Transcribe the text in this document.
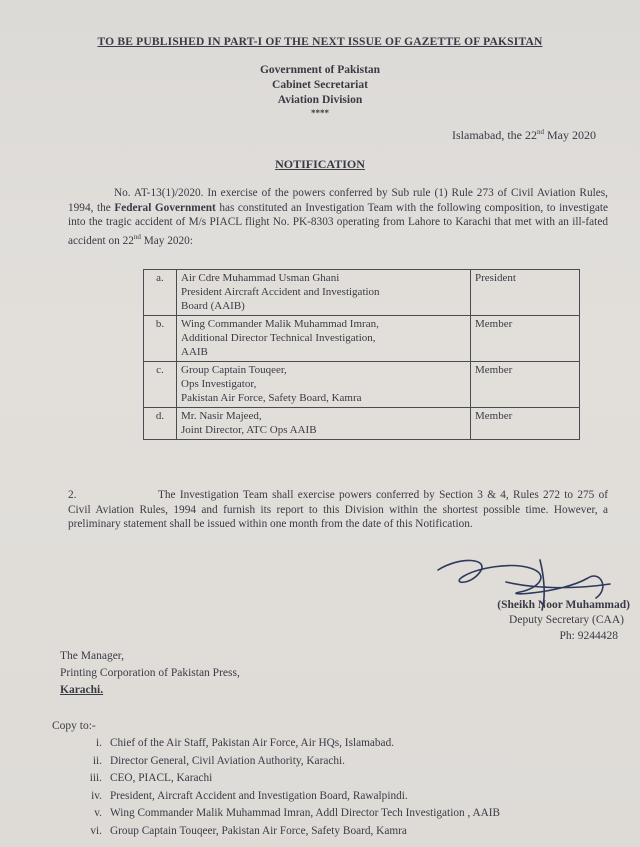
TO BE PUBLISHED IN PART-I OF THE NEXT ISSUE OF GAZETTE OF PAKSITAN
Government of Pakistan
Cabinet Secretariat
Aviation Division
****
Islamabad, the 22nd May 2020
NOTIFICATION
No. AT-13(1)/2020. In exercise of the powers conferred by Sub rule (1) Rule 273 of Civil Aviation Rules, 1994, the Federal Government has constituted an Investigation Team with the following composition, to investigate into the tragic accident of M/s PIACL flight No. PK-8303 operating from Lahore to Karachi that met with an ill-fated accident on 22nd May 2020:
a.	Air Cdre Muhammad Usman Ghani
President Aircraft Accident and Investigation
Board (AAIB)	President
b.	Wing Commander Malik Muhammad Imran,
Additional Director Technical Investigation,
AAIB	Member
c.	Group Captain Touqeer,
Ops Investigator,
Pakistan Air Force, Safety Board, Kamra	Member
d.	Mr. Nasir Majeed,
Joint Director, ATC Ops AAIB	Member
2.	The Investigation Team shall exercise powers conferred by Section 3 & 4, Rules 272 to 275 of Civil Aviation Rules, 1994 and furnish its report to this Division within the shortest possible time. However, a preliminary statement shall be issued within one month from the date of this Notification.
(Sheikh Noor Muhammad)
Deputy Secretary (CAA)
Ph: 9244428
The Manager,
Printing Corporation of Pakistan Press,
Karachi.
Copy to:-
i. Chief of the Air Staff, Pakistan Air Force, Air HQs, Islamabad.
ii. Director General, Civil Aviation Authority, Karachi.
iii. CEO, PIACL, Karachi
iv. President, Aircraft Accident and Investigation Board, Rawalpindi.
v. Wing Commander Malik Muhammad Imran, Addl Director Tech Investigation , AAIB
vi. Group Captain Touqeer, Pakistan Air Force, Safety Board, Kamra
